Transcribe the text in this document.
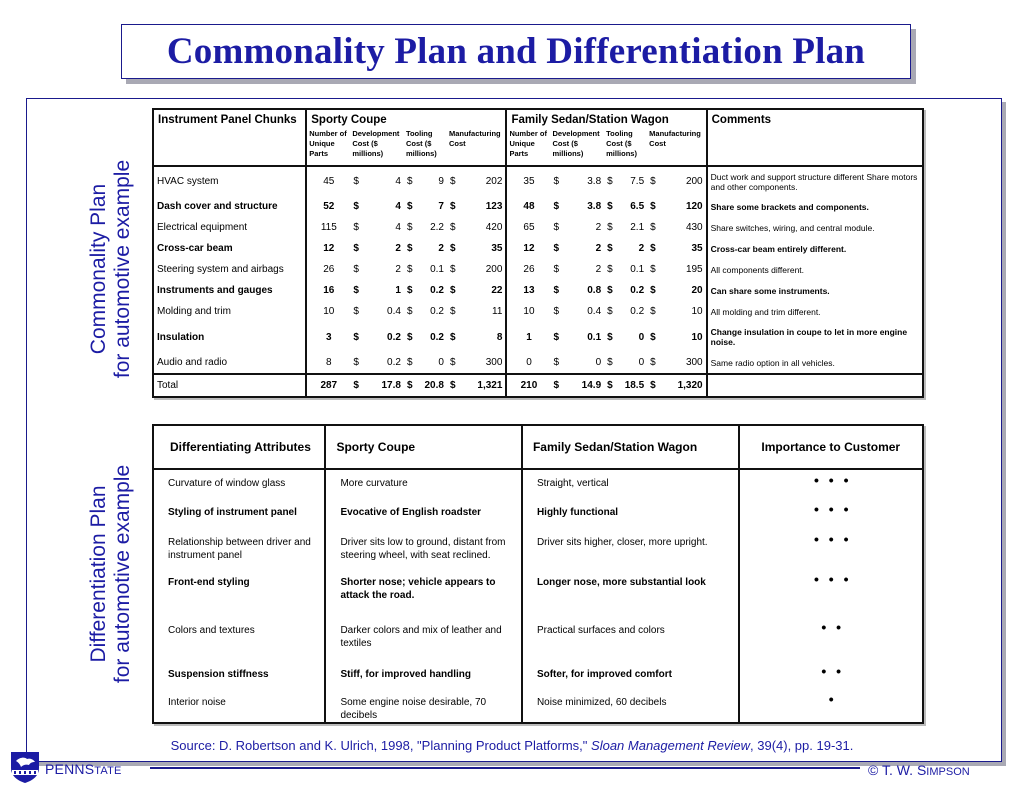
Commonality Plan and Differentiation Plan
Commonality Plan for automotive example
Differentiation Plan for automotive example
Instrument Panel Chunks	Sporty Coupe							Family Sedan/Station Wagon							Comments
	Number of Unique Parts	Development Cost ($ millions)		Tooling Cost ($ millions)		Manufacturing Cost		Number of Unique Parts	Development Cost ($ millions)		Tooling Cost ($ millions)		Manufacturing Cost		
HVAC system	45	$	4	$	9	$	202	35	$	3.8	$	7.5	$	200	Duct work and support structure different Share motors and other components.
Dash cover and structure	52	$	4	$	7	$	123	48	$	3.8	$	6.5	$	120	Share some brackets and components.
Electrical equipment	115	$	4	$	2.2	$	420	65	$	2	$	2.1	$	430	Share switches, wiring, and central module.
Cross-car beam	12	$	2	$	2	$	35	12	$	2	$	2	$	35	Cross-car beam entirely different.
Steering system and airbags	26	$	2	$	0.1	$	200	26	$	2	$	0.1	$	195	All components different.
Instruments and gauges	16	$	1	$	0.2	$	22	13	$	0.8	$	0.2	$	20	Can share some instruments.
Molding and trim	10	$	0.4	$	0.2	$	11	10	$	0.4	$	0.2	$	10	All molding and trim different.
Insulation	3	$	0.2	$	0.2	$	8	1	$	0.1	$	0	$	10	Change insulation in coupe to let in more engine noise.
Audio and radio	8	$	0.2	$	0	$	300	0	$	0	$	0	$	300	Same radio option in all vehicles.
Total	287	$	17.8	$	20.8	$	1,321	210	$	14.9	$	18.5	$	1,320	
Differentiating Attributes	Sporty Coupe	Family Sedan/Station Wagon	Importance to Customer
Curvature of window glass	More curvature	Straight, vertical	• • •
Styling of instrument panel	Evocative of English roadster	Highly functional	• • •
Relationship between driver and instrument panel	Driver sits low to ground, distant from steering wheel, with seat reclined.	Driver sits higher, closer, more upright.	• • •
Front-end styling	Shorter nose; vehicle appears to attack the road.	Longer nose, more substantial look	• • •
Colors and textures	Darker colors and mix of leather and textiles	Practical surfaces and colors	• •
Suspension stiffness	Stiff, for improved handling	Softer, for improved comfort	• •
Interior noise	Some engine noise desirable, 70 decibels	Noise minimized, 60 decibels	•
Source: D. Robertson and K. Ulrich, 1998, "Planning Product Platforms," Sloan Management Review, 39(4), pp. 19-31.
PENNSTATE	© T. W. SIMPSON
